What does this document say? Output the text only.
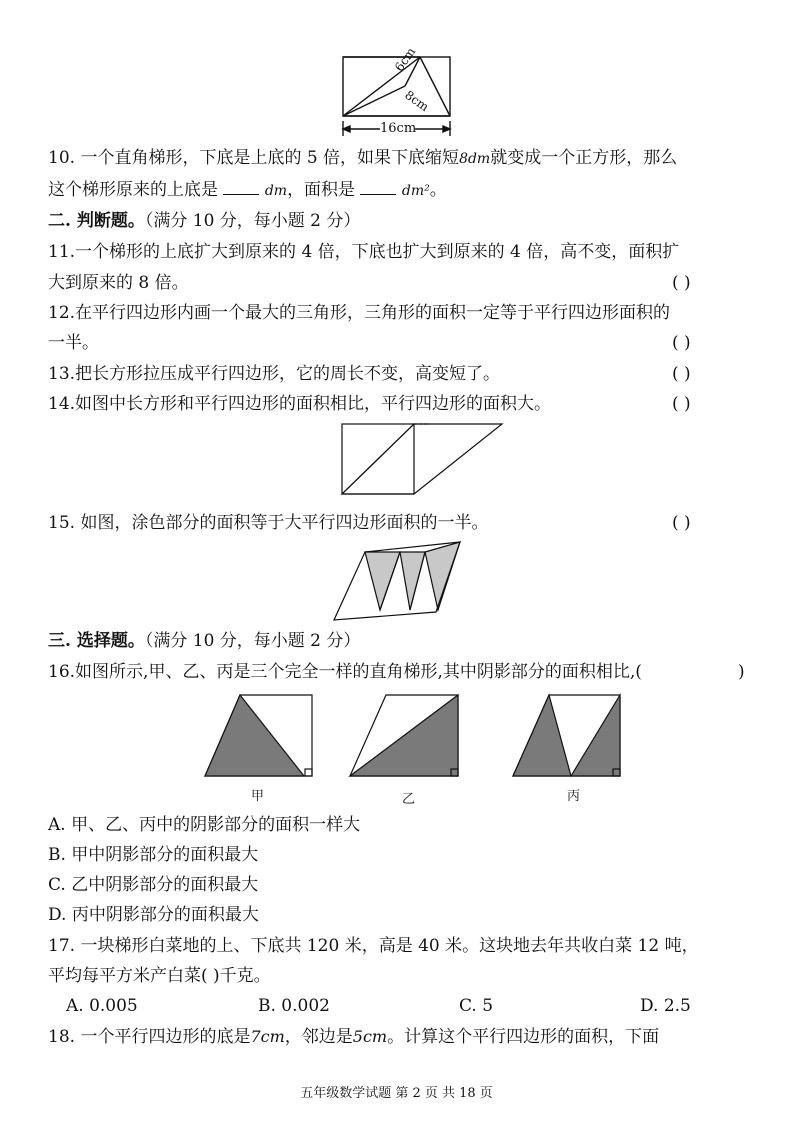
6cm
8cm
16cm
10. 一个直角梯形，下底是上底的 5 倍，如果下底缩短8dm就变成一个正方形，那么
这个梯形原来的上底是	dm，面积是	dm²。
二. 判断题。（满分 10 分，每小题 2 分）
11.一个梯形的上底扩大到原来的 4 倍，下底也扩大到原来的 4 倍，高不变，面积扩
大到原来的 8 倍。	( )
12.在平行四边形内画一个最大的三角形，三角形的面积一定等于平行四边形面积的
一半。	( )
13.把长方形拉压成平行四边形，它的周长不变，高变短了。	( )
14.如图中长方形和平行四边形的面积相比，平行四边形的面积大。	( )
15. 如图，涂色部分的面积等于大平行四边形面积的一半。	( )
三. 选择题。（满分 10 分，每小题 2 分）
16.如图所示,甲、乙、丙是三个完全一样的直角梯形,其中阴影部分的面积相比,(	)
甲	乙	丙
A. 甲、乙、丙中的阴影部分的面积一样大
B. 甲中阴影部分的面积最大
C. 乙中阴影部分的面积最大
D. 丙中阴影部分的面积最大
17. 一块梯形白菜地的上、下底共 120 米，高是 40 米。这块地去年共收白菜 12 吨，
平均每平方米产白菜( )千克。
A. 0.005	B. 0.002	C. 5	D. 2.5
18. 一个平行四边形的底是7cm，邻边是5cm。计算这个平行四边形的面积，下面
五年级数学试题 第 2 页 共 18 页
